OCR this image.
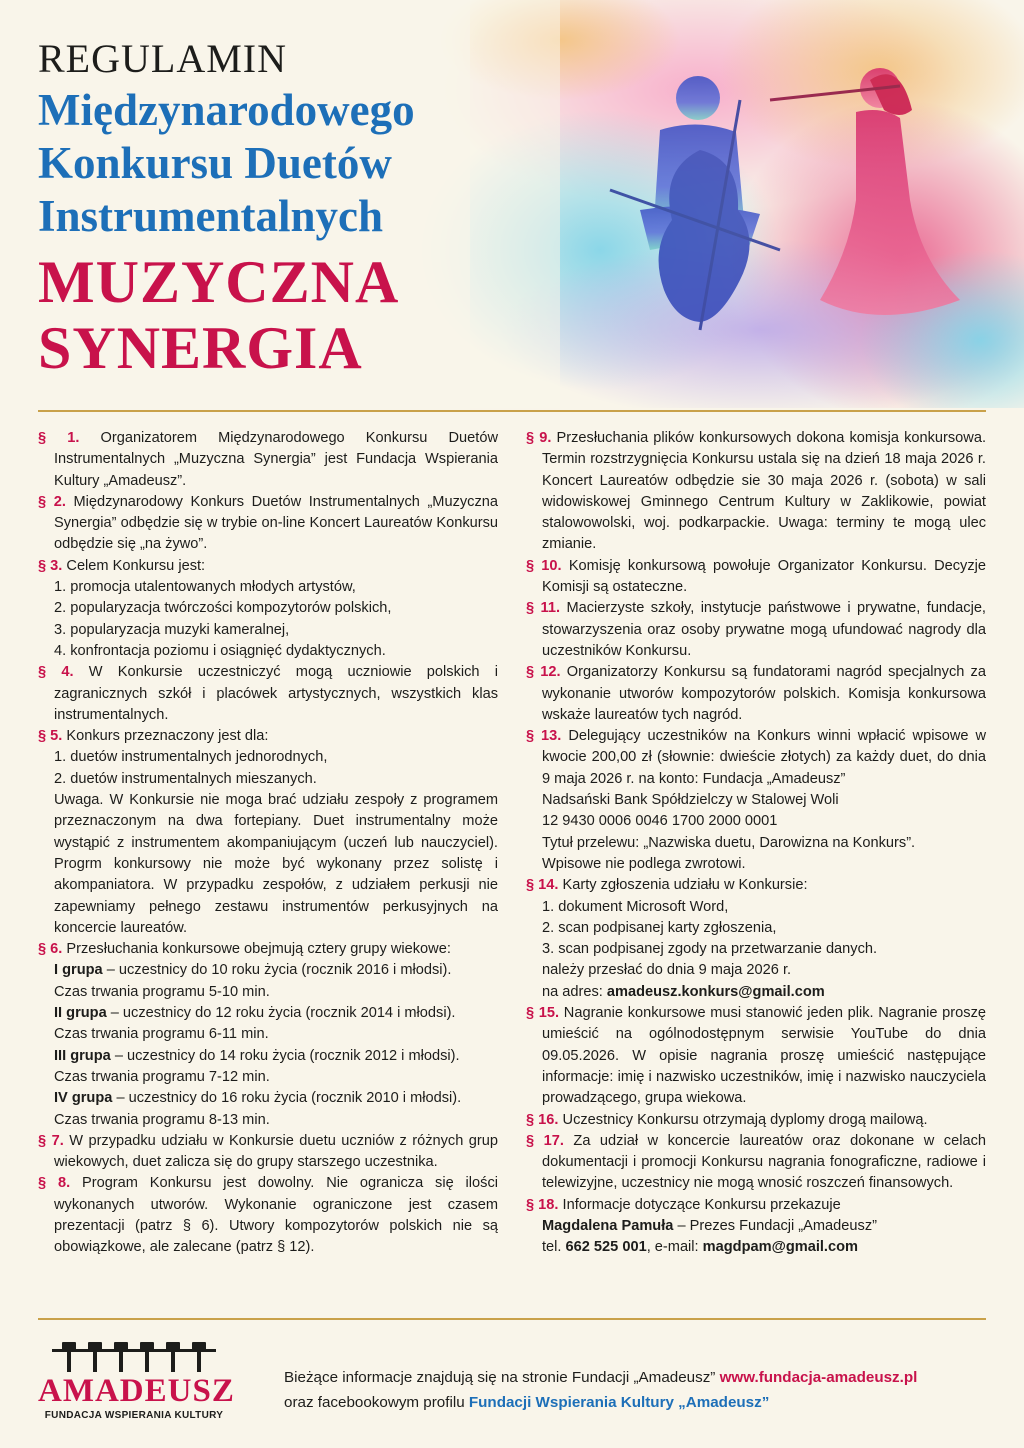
REGULAMIN
Międzynarodowego
Konkursu Duetów
Instrumentalnych
MUZYCZNA
SYNERGIA
§ 1. Organizatorem Międzynarodowego Konkursu Duetów Instrumentalnych „Muzyczna Synergia” jest Fundacja Wspierania Kultury „Amadeusz”.
§ 2. Międzynarodowy Konkurs Duetów Instrumentalnych „Muzyczna Synergia” odbędzie się w trybie on-line Koncert Laureatów Konkursu odbędzie się „na żywo”.
§ 3. Celem Konkursu jest:
1. promocja utalentowanych młodych artystów,
2. popularyzacja twórczości kompozytorów polskich,
3. popularyzacja muzyki kameralnej,
4. konfrontacja poziomu i osiągnięć dydaktycznych.
§ 4. W Konkursie uczestniczyć mogą uczniowie polskich i zagranicznych szkół i placówek artystycznych, wszystkich klas instrumentalnych.
§ 5. Konkurs przeznaczony jest dla:
1. duetów instrumentalnych jednorodnych,
2. duetów instrumentalnych mieszanych.
Uwaga. W Konkursie nie moga brać udziału zespoły z programem przeznaczonym na dwa fortepiany. Duet instrumentalny może wystąpić z instrumentem akompaniującym (uczeń lub nauczyciel). Progrm konkursowy nie może być wykonany przez solistę i akompaniatora. W przypadku zespołów, z udziałem perkusji nie zapewniamy pełnego zestawu instrumentów perkusyjnych na koncercie laureatów.
§ 6. Przesłuchania konkursowe obejmują cztery grupy wiekowe:
I grupa – uczestnicy do 10 roku życia (rocznik 2016 i młodsi).
Czas trwania programu 5-10 min.
II grupa – uczestnicy do 12 roku życia (rocznik 2014 i młodsi).
Czas trwania programu 6-11 min.
III grupa – uczestnicy do 14 roku życia (rocznik 2012 i młodsi).
Czas trwania programu 7-12 min.
IV grupa – uczestnicy do 16 roku życia (rocznik 2010 i młodsi).
Czas trwania programu 8-13 min.
§ 7. W przypadku udziału w Konkursie duetu uczniów z różnych grup wiekowych, duet zalicza się do grupy starszego uczestnika.
§ 8. Program Konkursu jest dowolny. Nie ogranicza się ilości wykonanych utworów. Wykonanie ograniczone jest czasem prezentacji (patrz § 6). Utwory kompozytorów polskich nie są obowiązkowe, ale zalecane (patrz § 12).
§ 9. Przesłuchania plików konkursowych dokona komisja konkursowa. Termin rozstrzygnięcia Konkursu ustala się na dzień 18 maja 2026 r. Koncert Laureatów odbędzie sie 30 maja 2026 r. (sobota) w sali widowiskowej Gminnego Centrum Kultury w Zaklikowie, powiat stalowowolski, woj. podkarpackie. Uwaga: terminy te mogą ulec zmianie.
§ 10. Komisję konkursową powołuje Organizator Konkursu. Decyzje Komisji są ostateczne.
§ 11. Macierzyste szkoły, instytucje państwowe i prywatne, fundacje, stowarzyszenia oraz osoby prywatne mogą ufundować nagrody dla uczestników Konkursu.
§ 12. Organizatorzy Konkursu są fundatorami nagród specjalnych za wykonanie utworów kompozytorów polskich. Komisja konkursowa wskaże laureatów tych nagród.
§ 13. Delegujący uczestników na Konkurs winni wpłacić wpisowe w kwocie 200,00 zł (słownie: dwieście złotych) za każdy duet, do dnia 9 maja 2026 r. na konto: Fundacja „Amadeusz”
Nadsański Bank Spółdzielczy w Stalowej Woli
12 9430 0006 0046 1700 2000 0001
Tytuł przelewu: „Nazwiska duetu, Darowizna na Konkurs”.
Wpisowe nie podlega zwrotowi.
§ 14. Karty zgłoszenia udziału w Konkursie:
1. dokument Microsoft Word,
2. scan podpisanej karty zgłoszenia,
3. scan podpisanej zgody na przetwarzanie danych.
należy przesłać do dnia 9 maja 2026 r.
na adres: amadeusz.konkurs@gmail.com
§ 15. Nagranie konkursowe musi stanowić jeden plik. Nagranie proszę umieścić na ogólnodostępnym serwisie YouTube do dnia 09.05.2026. W opisie nagrania proszę umieścić następujące informacje: imię i nazwisko uczestników, imię i nazwisko nauczyciela prowadzącego, grupa wiekowa.
§ 16. Uczestnicy Konkursu otrzymają dyplomy drogą mailową.
§ 17. Za udział w koncercie laureatów oraz dokonane w celach dokumentacji i promocji Konkursu nagrania fonograficzne, radiowe i telewizyjne, uczestnicy nie mogą wnosić roszczeń finansowych.
§ 18. Informacje dotyczące Konkursu przekazuje
Magdalena Pamuła – Prezes Fundacji „Amadeusz”
tel. 662 525 001, e-mail: magdpam@gmail.com
AMADEUSZ
FUNDACJA WSPIERANIA KULTURY
Bieżące informacje znajdują się na stronie Fundacji „Amadeusz” www.fundacja-amadeusz.pl
oraz facebookowym profilu Fundacji Wspierania Kultury „Amadeusz”
